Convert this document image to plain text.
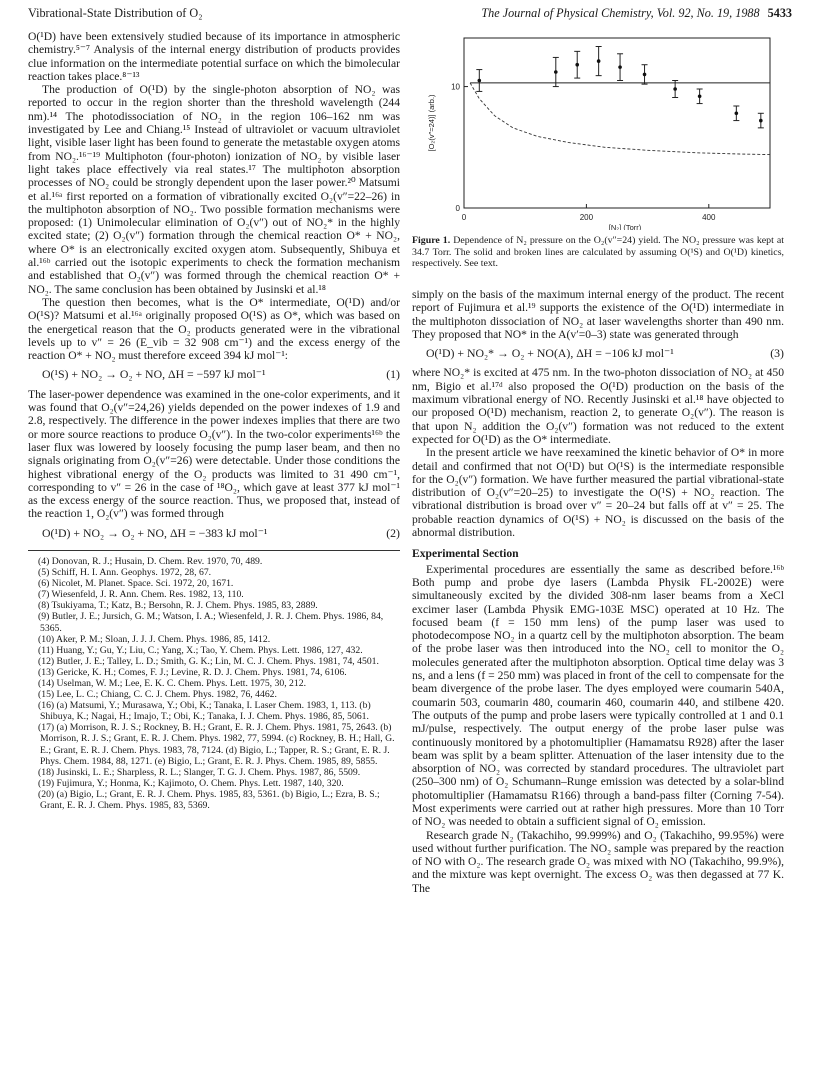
Vibrational-State Distribution of O₂	The Journal of Physical Chemistry, Vol. 92, No. 19, 1988 5433

O(¹D) have been extensively studied because of its importance in atmospheric chemistry.⁵⁻⁷ Analysis of the internal energy distribution of products provides clue information on the intermediate potential surface on which the bimolecular reaction takes place.⁸⁻¹³

The production of O(¹D) by the single-photon absorption of NO₂ was reported to occur in the region shorter than the threshold wavelength (244 nm).¹⁴ The photodissociation of NO₂ in the region 106–162 nm was investigated by Lee and Chiang.¹⁵ Instead of ultraviolet or vacuum ultraviolet light, visible laser light has been found to generate the metastable oxygen atoms from NO₂.¹⁶⁻¹⁹ Multiphoton (four-photon) ionization of NO₂ by visible laser light takes place effectively via real states.¹⁷ The multiphoton absorption processes of NO₂ could be strongly dependent upon the laser power.²⁰ Matsumi et al.¹⁶ᵃ first reported on a formation of vibrationally excited O₂(v″=22–26) in the multiphoton absorption of NO₂. Two possible formation mechanisms were proposed: (1) Unimolecular elimination of O₂(v″) out of NO₂* in the highly excited state; (2) O₂(v″) formation through the chemical reaction O* + NO₂, where O* is an electronically excited oxygen atom. Subsequently, Shibuya et al.¹⁶ᵇ carried out the isotopic experiments to check the formation mechanism and established that O₂(v″) was formed through the chemical reaction O* + NO₂. The same conclusion has been obtained by Jusinski et al.¹⁸

The question then becomes, what is the O* intermediate, O(¹D) and/or O(¹S)? Matsumi et al.¹⁶ᵃ originally proposed O(¹S) as O*, which was based on the energetical reason that the O₂ products generated were in the vibrational levels up to v″ = 26 (E_vib = 32 908 cm⁻¹) and the excess energy of the reaction O* + NO₂ must therefore exceed 394 kJ mol⁻¹:

O(¹S) + NO₂ → O₂ + NO, ΔH = −597 kJ mol⁻¹	(1)

The laser-power dependence was examined in the one-color experiments, and it was found that O₂(v″=24,26) yields depended on the power indexes of 1.9 and 2.8, respectively. The difference in the power indexes implies that there are two or more source reactions to produce O₂(v″). In the two-color experiments¹⁶ᵇ the laser flux was lowered by loosely focusing the pump laser beam, and then no signals originating from O₂(v″=26) were detectable. Under those conditions the highest vibrational energy of the O₂ products was limited to 31 490 cm⁻¹, corresponding to v″ = 26 in the case of ¹⁸O₂, which gave at least 377 kJ mol⁻¹ as the excess energy of the source reaction. Thus, we proposed that, instead of the reaction 1, O₂(v″) was formed through

O(¹D) + NO₂ → O₂ + NO, ΔH = −383 kJ mol⁻¹	(2)
(4) Donovan, R. J.; Husain, D. Chem. Rev. 1970, 70, 489.
(5) Schiff, H. I. Ann. Geophys. 1972, 28, 67.
(6) Nicolet, M. Planet. Space. Sci. 1972, 20, 1671.
(7) Wiesenfeld, J. R. Ann. Chem. Res. 1982, 13, 110.
(8) Tsukiyama, T.; Katz, B.; Bersohn, R. J. Chem. Phys. 1985, 83, 2889.
(9) Butler, J. E.; Jursich, G. M.; Watson, I. A.; Wiesenfeld, J. R. J. Chem. Phys. 1986, 84, 5365.
(10) Aker, P. M.; Sloan, J. J. J. Chem. Phys. 1986, 85, 1412.
(11) Huang, Y.; Gu, Y.; Liu, C.; Yang, X.; Tao, Y. Chem. Phys. Lett. 1986, 127, 432.
(12) Butler, J. E.; Talley, L. D.; Smith, G. K.; Lin, M. C. J. Chem. Phys. 1981, 74, 4501.
(13) Gericke, K. H.; Comes, F. J.; Levine, R. D. J. Chem. Phys. 1981, 74, 6106.
(14) Uselman, W. M.; Lee, E. K. C. Chem. Phys. Lett. 1975, 30, 212.
(15) Lee, L. C.; Chiang, C. C. J. Chem. Phys. 1982, 76, 4462.
(16) (a) Matsumi, Y.; Murasawa, Y.; Obi, K.; Tanaka, I. Laser Chem. 1983, 1, 113. (b) Shibuya, K.; Nagai, H.; Imajo, T.; Obi, K.; Tanaka, I. J. Chem. Phys. 1986, 85, 5061.
(17) (a) Morrison, R. J. S.; Rockney, B. H.; Grant, E. R. J. Chem. Phys. 1981, 75, 2643. (b) Morrison, R. J. S.; Grant, E. R. J. Chem. Phys. 1982, 77, 5994. (c) Rockney, B. H.; Hall, G. E.; Grant, E. R. J. Chem. Phys. 1983, 78, 7124. (d) Bigio, L.; Tapper, R. S.; Grant, E. R. J. Phys. Chem. 1984, 88, 1271. (e) Bigio, L.; Grant, E. R. J. Phys. Chem. 1985, 89, 5855.
(18) Jusinski, L. E.; Sharpless, R. L.; Slanger, T. G. J. Chem. Phys. 1987, 86, 5509.
(19) Fujimura, Y.; Honma, K.; Kajimoto, O. Chem. Phys. Lett. 1987, 140, 320.
(20) (a) Bigio, L.; Grant, E. R. J. Chem. Phys. 1985, 83, 5361. (b) Bigio, L.; Ezra, B. S.; Grant, E. R. J. Chem. Phys. 1985, 83, 5369.
0	200	400
0
10
[N₂] (Torr)
[O₂(v″=24)] (arb.)
Figure 1. Dependence of N₂ pressure on the O₂(v″=24) yield. The NO₂ pressure was kept at 34.7 Torr. The solid and broken lines are calculated by assuming O(¹S) and O(¹D) kinetics, respectively. See text.

simply on the basis of the maximum internal energy of the product. The recent report of Fujimura et al.¹⁹ supports the existence of the O(¹D) intermediate in the multiphoton dissociation of NO₂ at laser wavelengths shorter than 490 nm. They proposed that NO* in the A(v′=0–3) state was generated through

O(¹D) + NO₂* → O₂ + NO(A), ΔH = −106 kJ mol⁻¹	(3)

where NO₂* is excited at 475 nm. In the two-photon dissociation of NO₂ at 450 nm, Bigio et al.¹⁷ᵈ also proposed the O(¹D) production on the basis of the maximum vibrational energy of NO. Recently Jusinski et al.¹⁸ have objected to our proposed O(¹D) mechanism, reaction 2, to generate O₂(v″). The reason is that upon N₂ addition the O₂(v″) formation was not reduced to the extent expected for O(¹D) as the O* intermediate.

In the present article we have reexamined the kinetic behavior of O* in more detail and confirmed that not O(¹D) but O(¹S) is the intermediate responsible for the O₂(v″) formation. We have further measured the partial vibrational-state distribution of O₂(v″=20–25) to investigate the O(¹S) + NO₂ reaction. The vibrational distribution is broad over v″ = 20–24 but falls off at v″ = 25. The probable reaction dynamics of O(¹S) + NO₂ is discussed on the basis of the abnormal distribution.

Experimental Section

Experimental procedures are essentially the same as described before.¹⁶ᵇ Both pump and probe dye lasers (Lambda Physik FL-2002E) were simultaneously excited by the divided 308-nm laser beams from a XeCl excimer laser (Lambda Physik EMG-103E MSC) operated at 10 Hz. The focused beam (f = 150 mm lens) of the pump laser was used to photodecompose NO₂ in a quartz cell by the multiphoton absorption. The beam of the probe laser was then introduced into the NO₂ cell to monitor the O₂ molecules generated after the multiphoton absorption. Optical time delay was 3 ns, and a lens (f = 250 mm) was placed in front of the cell to compensate for the beam divergence of the probe laser. The dyes employed were coumarin 540A, coumarin 503, coumarin 480, coumarin 460, coumarin 440, and stilbene 420. The outputs of the pump and probe lasers were typically controlled at 1 and 0.1 mJ/pulse, respectively. The output energy of the probe laser pulse was continuously monitored by a photomultiplier (Hamamatsu R928) after the laser beam was split by a beam splitter. Attenuation of the laser intensity due to the absorption of NO₂ was corrected by standard procedures. The ultraviolet part (250–300 nm) of O₂ Schumann–Runge emission was detected by a solar-blind photomultiplier (Hamamatsu R166) through a band-pass filter (Corning 7-54). Most experiments were carried out at rather high pressures. More than 10 Torr of NO₂ was needed to obtain a sufficient signal of O₂ emission.

Research grade N₂ (Takachiho, 99.999%) and O₂ (Takachiho, 99.95%) were used without further purification. The NO₂ sample was prepared by the reaction of NO with O₂. The research grade O₂ was mixed with NO (Takachiho, 99.9%), and the mixture was kept overnight. The excess O₂ was then degassed at 77 K. The
